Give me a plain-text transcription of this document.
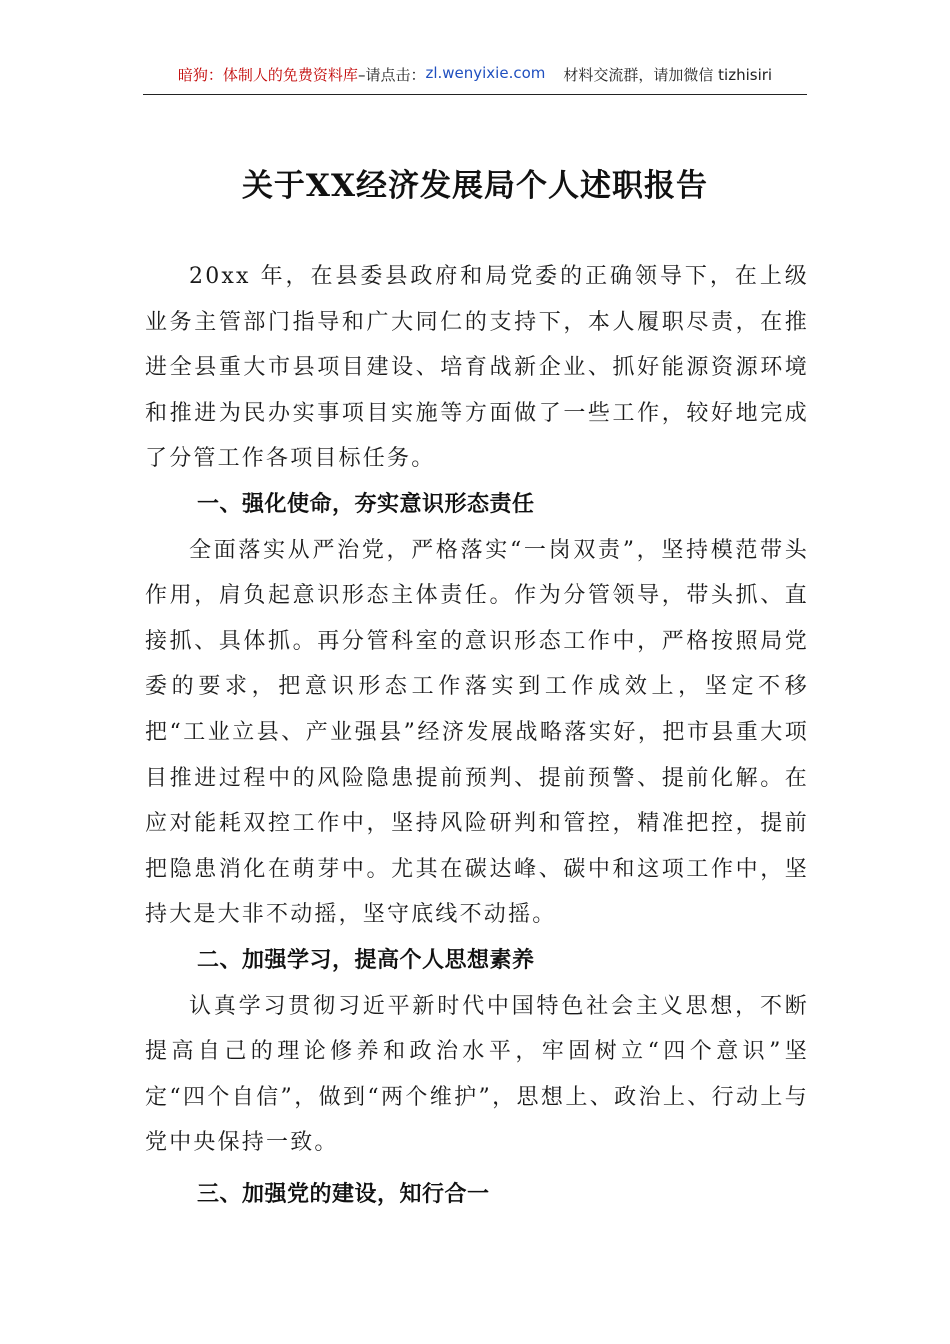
暗狗：体制人的免费资料库 –请点击： zl.wenyixie.com 材料交流群，请加微信 tizhisiri
关于XX经济发展局个人述职报告

20xx 年，在县委县政府和局党委的正确领导下，在上级业务主管部门指导和广大同仁的支持下，本人履职尽责，在推进全县重大市县项目建设、培育战新企业、抓好能源资源环境和推进为民办实事项目实施等方面做了一些工作，较好地完成了分管工作各项目标任务。

一、强化使命，夯实意识形态责任

全面落实从严治党，严格落实“一岗双责”，坚持模范带头作用，肩负起意识形态主体责任。作为分管领导，带头抓、直接抓、具体抓。再分管科室的意识形态工作中，严格按照局党委的要求，把意识形态工作落实到工作成效上，坚定不移把“工业立县、产业强县”经济发展战略落实好，把市县重大项目推进过程中的风险隐患提前预判、提前预警、提前化解。在应对能耗双控工作中，坚持风险研判和管控，精准把控，提前把隐患消化在萌芽中。尤其在碳达峰、碳中和这项工作中，坚持大是大非不动摇，坚守底线不动摇。

二、加强学习，提高个人思想素养

认真学习贯彻习近平新时代中国特色社会主义思想，不断提高自己的理论修养和政治水平，牢固树立“四个意识”坚定“四个自信”，做到“两个维护”，思想上、政治上、行动上与党中央保持一致。

三、加强党的建设，知行合一
